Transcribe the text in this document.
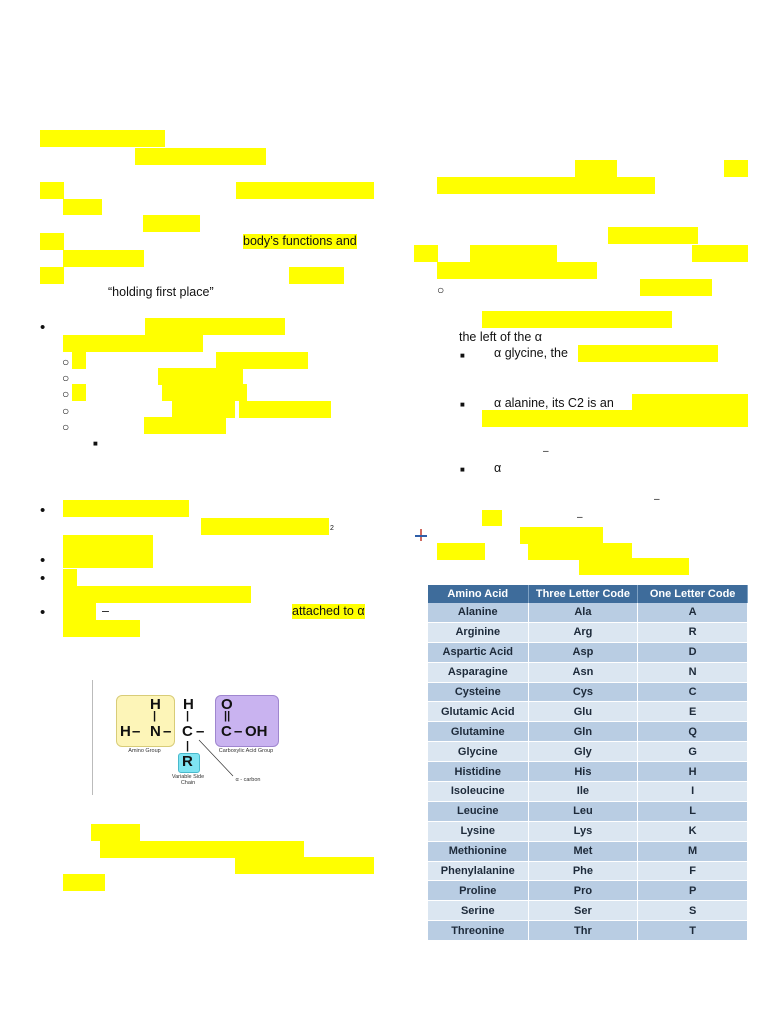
body’s functions and
“holding first place”
•
○
○
○
○
○
■
•
2
•
•
•	–	attached to α
H
|
H – N –
H
|
C
|
–
O
||
C – OH
R
Amino Group	Carboxylic Acid Group
Variable Side Chain	α - carbon
○
the left of the α
■ α glycine, the
■ α alanine, its C2 is an
–
■ α
–
–
Amino Acid	Three Letter Code	One Letter Code
Alanine	Ala	A
Arginine	Arg	R
Aspartic Acid	Asp	D
Asparagine	Asn	N
Cysteine	Cys	C
Glutamic Acid	Glu	E
Glutamine	Gln	Q
Glycine	Gly	G
Histidine	His	H
Isoleucine	Ile	I
Leucine	Leu	L
Lysine	Lys	K
Methionine	Met	M
Phenylalanine	Phe	F
Proline	Pro	P
Serine	Ser	S
Threonine	Thr	T
